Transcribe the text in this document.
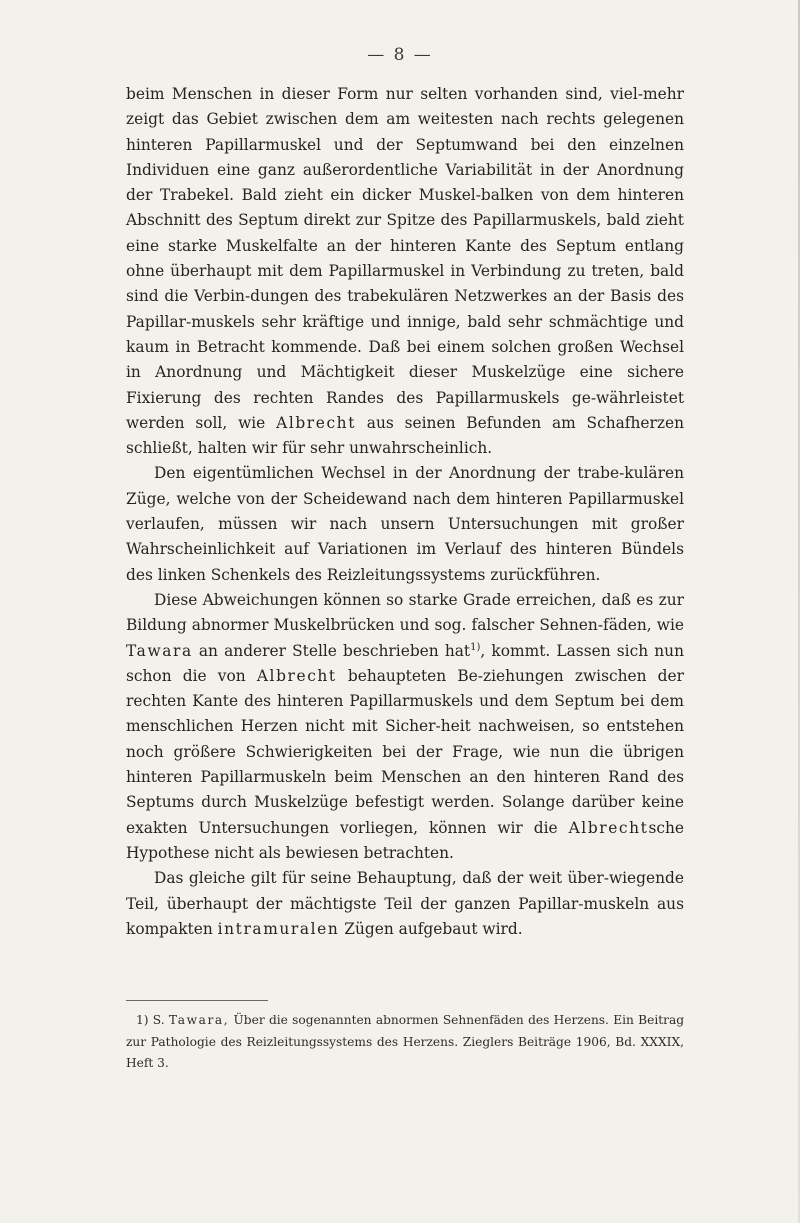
— 8 —

beim Menschen in dieser Form nur selten vorhanden sind, viel-mehr zeigt das Gebiet zwischen dem am weitesten nach rechts gelegenen hinteren Papillarmuskel und der Septumwand bei den einzelnen Individuen eine ganz außerordentliche Variabilität in der Anordnung der Trabekel. Bald zieht ein dicker Muskel-balken von dem hinteren Abschnitt des Septum direkt zur Spitze des Papillarmuskels, bald zieht eine starke Muskelfalte an der hinteren Kante des Septum entlang ohne überhaupt mit dem Papillarmuskel in Verbindung zu treten, bald sind die Verbin-dungen des trabekulären Netzwerkes an der Basis des Papillar-muskels sehr kräftige und innige, bald sehr schmächtige und kaum in Betracht kommende. Daß bei einem solchen großen Wechsel in Anordnung und Mächtigkeit dieser Muskelzüge eine sichere Fixierung des rechten Randes des Papillarmuskels ge-währleistet werden soll, wie Albrecht aus seinen Befunden am Schafherzen schließt, halten wir für sehr unwahrscheinlich.

Den eigentümlichen Wechsel in der Anordnung der trabe-kulären Züge, welche von der Scheidewand nach dem hinteren Papillarmuskel verlaufen, müssen wir nach unsern Untersuchungen mit großer Wahrscheinlichkeit auf Variationen im Verlauf des hinteren Bündels des linken Schenkels des Reizleitungssystems zurückführen.

Diese Abweichungen können so starke Grade erreichen, daß es zur Bildung abnormer Muskelbrücken und sog. falscher Sehnen-fäden, wie Tawara an anderer Stelle beschrieben hat$^{1)}$, kommt. Lassen sich nun schon die von Albrecht behaupteten Be-ziehungen zwischen der rechten Kante des hinteren Papillarmuskels und dem Septum bei dem menschlichen Herzen nicht mit Sicher-heit nachweisen, so entstehen noch größere Schwierigkeiten bei der Frage, wie nun die übrigen hinteren Papillarmuskeln beim Menschen an den hinteren Rand des Septums durch Muskelzüge befestigt werden. Solange darüber keine exakten Untersuchungen vorliegen, können wir die Albrechtsche Hypothese nicht als bewiesen betrachten.

Das gleiche gilt für seine Behauptung, daß der weit über-wiegende Teil, überhaupt der mächtigste Teil der ganzen Papillar-muskeln aus kompakten intramuralen Zügen aufgebaut wird.

1) S. Tawara, Über die sogenannten abnormen Sehnenfäden des Herzens. Ein Beitrag zur Pathologie des Reizleitungssystems des Herzens. Zieglers Beiträge 1906, Bd. XXXIX, Heft 3.
